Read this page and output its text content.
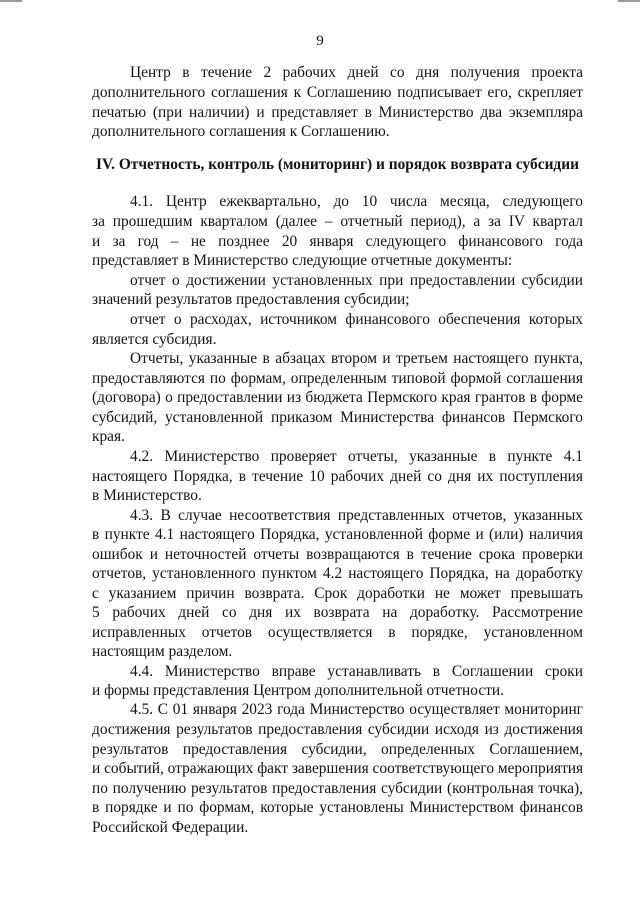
9
IV. Отчетность, контроль (мониторинг) и порядок возврата субсидии
Центр в течение 2 рабочих дней со дня получения проекта
дополнительного соглашения к Соглашению подписывает его, скрепляет
печатью (при наличии) и представляет в Министерство два экземпляра
дополнительного соглашения к Соглашению.
4.1. Центр ежеквартально, до 10 числа месяца, следующего
за прошедшим кварталом (далее – отчетный период), а за IV квартал
и за год – не позднее 20 января следующего финансового года
представляет в Министерство следующие отчетные документы:
отчет о достижении установленных при предоставлении субсидии
значений результатов предоставления субсидии;
отчет о расходах, источником финансового обеспечения которых
является субсидия.
Отчеты, указанные в абзацах втором и третьем настоящего пункта,
предоставляются по формам, определенным типовой формой соглашения
(договора) о предоставлении из бюджета Пермского края грантов в форме
субсидий, установленной приказом Министерства финансов Пермского
края.
4.2. Министерство проверяет отчеты, указанные в пункте 4.1
настоящего Порядка, в течение 10 рабочих дней со дня их поступления
в Министерство.
4.3. В случае несоответствия представленных отчетов, указанных
в пункте 4.1 настоящего Порядка, установленной форме и (или) наличия
ошибок и неточностей отчеты возвращаются в течение срока проверки
отчетов, установленного пунктом 4.2 настоящего Порядка, на доработку
с указанием причин возврата. Срок доработки не может превышать
5 рабочих дней со дня их возврата на доработку. Рассмотрение
исправленных отчетов осуществляется в порядке, установленном
настоящим разделом.
4.4. Министерство вправе устанавливать в Соглашении сроки
и формы представления Центром дополнительной отчетности.
4.5. С 01 января 2023 года Министерство осуществляет мониторинг
достижения результатов предоставления субсидии исходя из достижения
результатов предоставления субсидии, определенных Соглашением,
и событий, отражающих факт завершения соответствующего мероприятия
по получению результатов предоставления субсидии (контрольная точка),
в порядке и по формам, которые установлены Министерством финансов
Российской Федерации.
